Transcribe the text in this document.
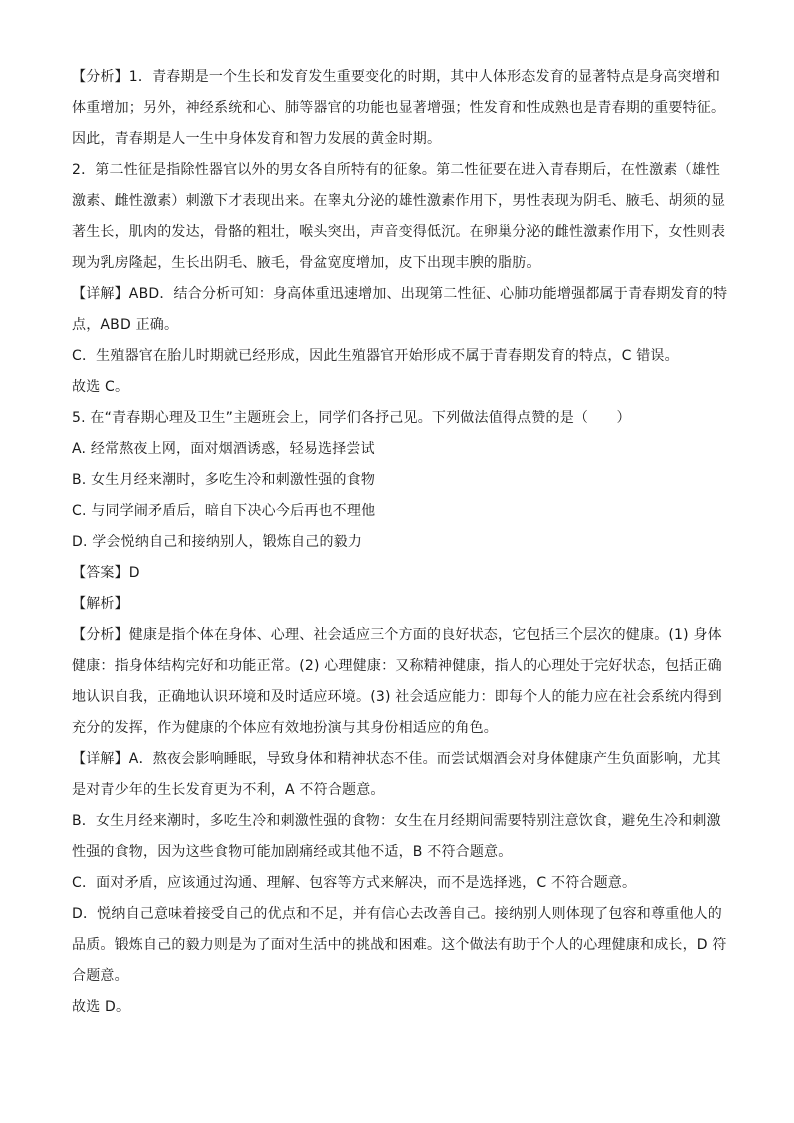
【分析】1．青春期是一个生长和发育发生重要变化的时期，其中人体形态发育的显著特点是身高突增和
体重增加；另外，神经系统和心、肺等器官的功能也显著增强；性发育和性成熟也是青春期的重要特征。
因此，青春期是人一生中身体发育和智力发展的黄金时期。
2．第二性征是指除性器官以外的男女各自所特有的征象。第二性征要在进入青春期后，在性激素（雄性
激素、雌性激素）刺激下才表现出来。在睾丸分泌的雄性激素作用下，男性表现为阴毛、腋毛、胡须的显
著生长，肌肉的发达，骨骼的粗壮，喉头突出，声音变得低沉。在卵巢分泌的雌性激素作用下，女性则表
现为乳房隆起，生长出阴毛、腋毛，骨盆宽度增加，皮下出现丰腴的脂肪。
【详解】ABD．结合分析可知：身高体重迅速增加、出现第二性征、心肺功能增强都属于青春期发育的特
点，ABD 正确。
C．生殖器官在胎儿时期就已经形成，因此生殖器官开始形成不属于青春期发育的特点，C 错误。
故选 C。
5. 在“青春期心理及卫生”主题班会上，同学们各抒己见。下列做法值得点赞的是（　　）
A. 经常熬夜上网，面对烟酒诱惑，轻易选择尝试
B. 女生月经来潮时，多吃生冷和刺激性强的食物
C. 与同学闹矛盾后，暗自下决心今后再也不理他
D. 学会悦纳自己和接纳别人，锻炼自己的毅力
【答案】D
【解析】
【分析】健康是指个体在身体、心理、社会适应三个方面的良好状态，它包括三个层次的健康。(1) 身体
健康：指身体结构完好和功能正常。(2) 心理健康：又称精神健康，指人的心理处于完好状态，包括正确
地认识自我，正确地认识环境和及时适应环境。(3) 社会适应能力：即每个人的能力应在社会系统内得到
充分的发挥，作为健康的个体应有效地扮演与其身份相适应的角色。
【详解】A．熬夜会影响睡眠，导致身体和精神状态不佳。而尝试烟酒会对身体健康产生负面影响，尤其
是对青少年的生长发育更为不利，A 不符合题意。
B．女生月经来潮时，多吃生冷和刺激性强的食物：女生在月经期间需要特别注意饮食，避免生冷和刺激
性强的食物，因为这些食物可能加剧痛经或其他不适，B 不符合题意。
C．面对矛盾，应该通过沟通、理解、包容等方式来解决，而不是选择逃，C 不符合题意。
D．悦纳自己意味着接受自己的优点和不足，并有信心去改善自己。接纳别人则体现了包容和尊重他人的
品质。锻炼自己的毅力则是为了面对生活中的挑战和困难。这个做法有助于个人的心理健康和成长，D 符
合题意。
故选 D。
